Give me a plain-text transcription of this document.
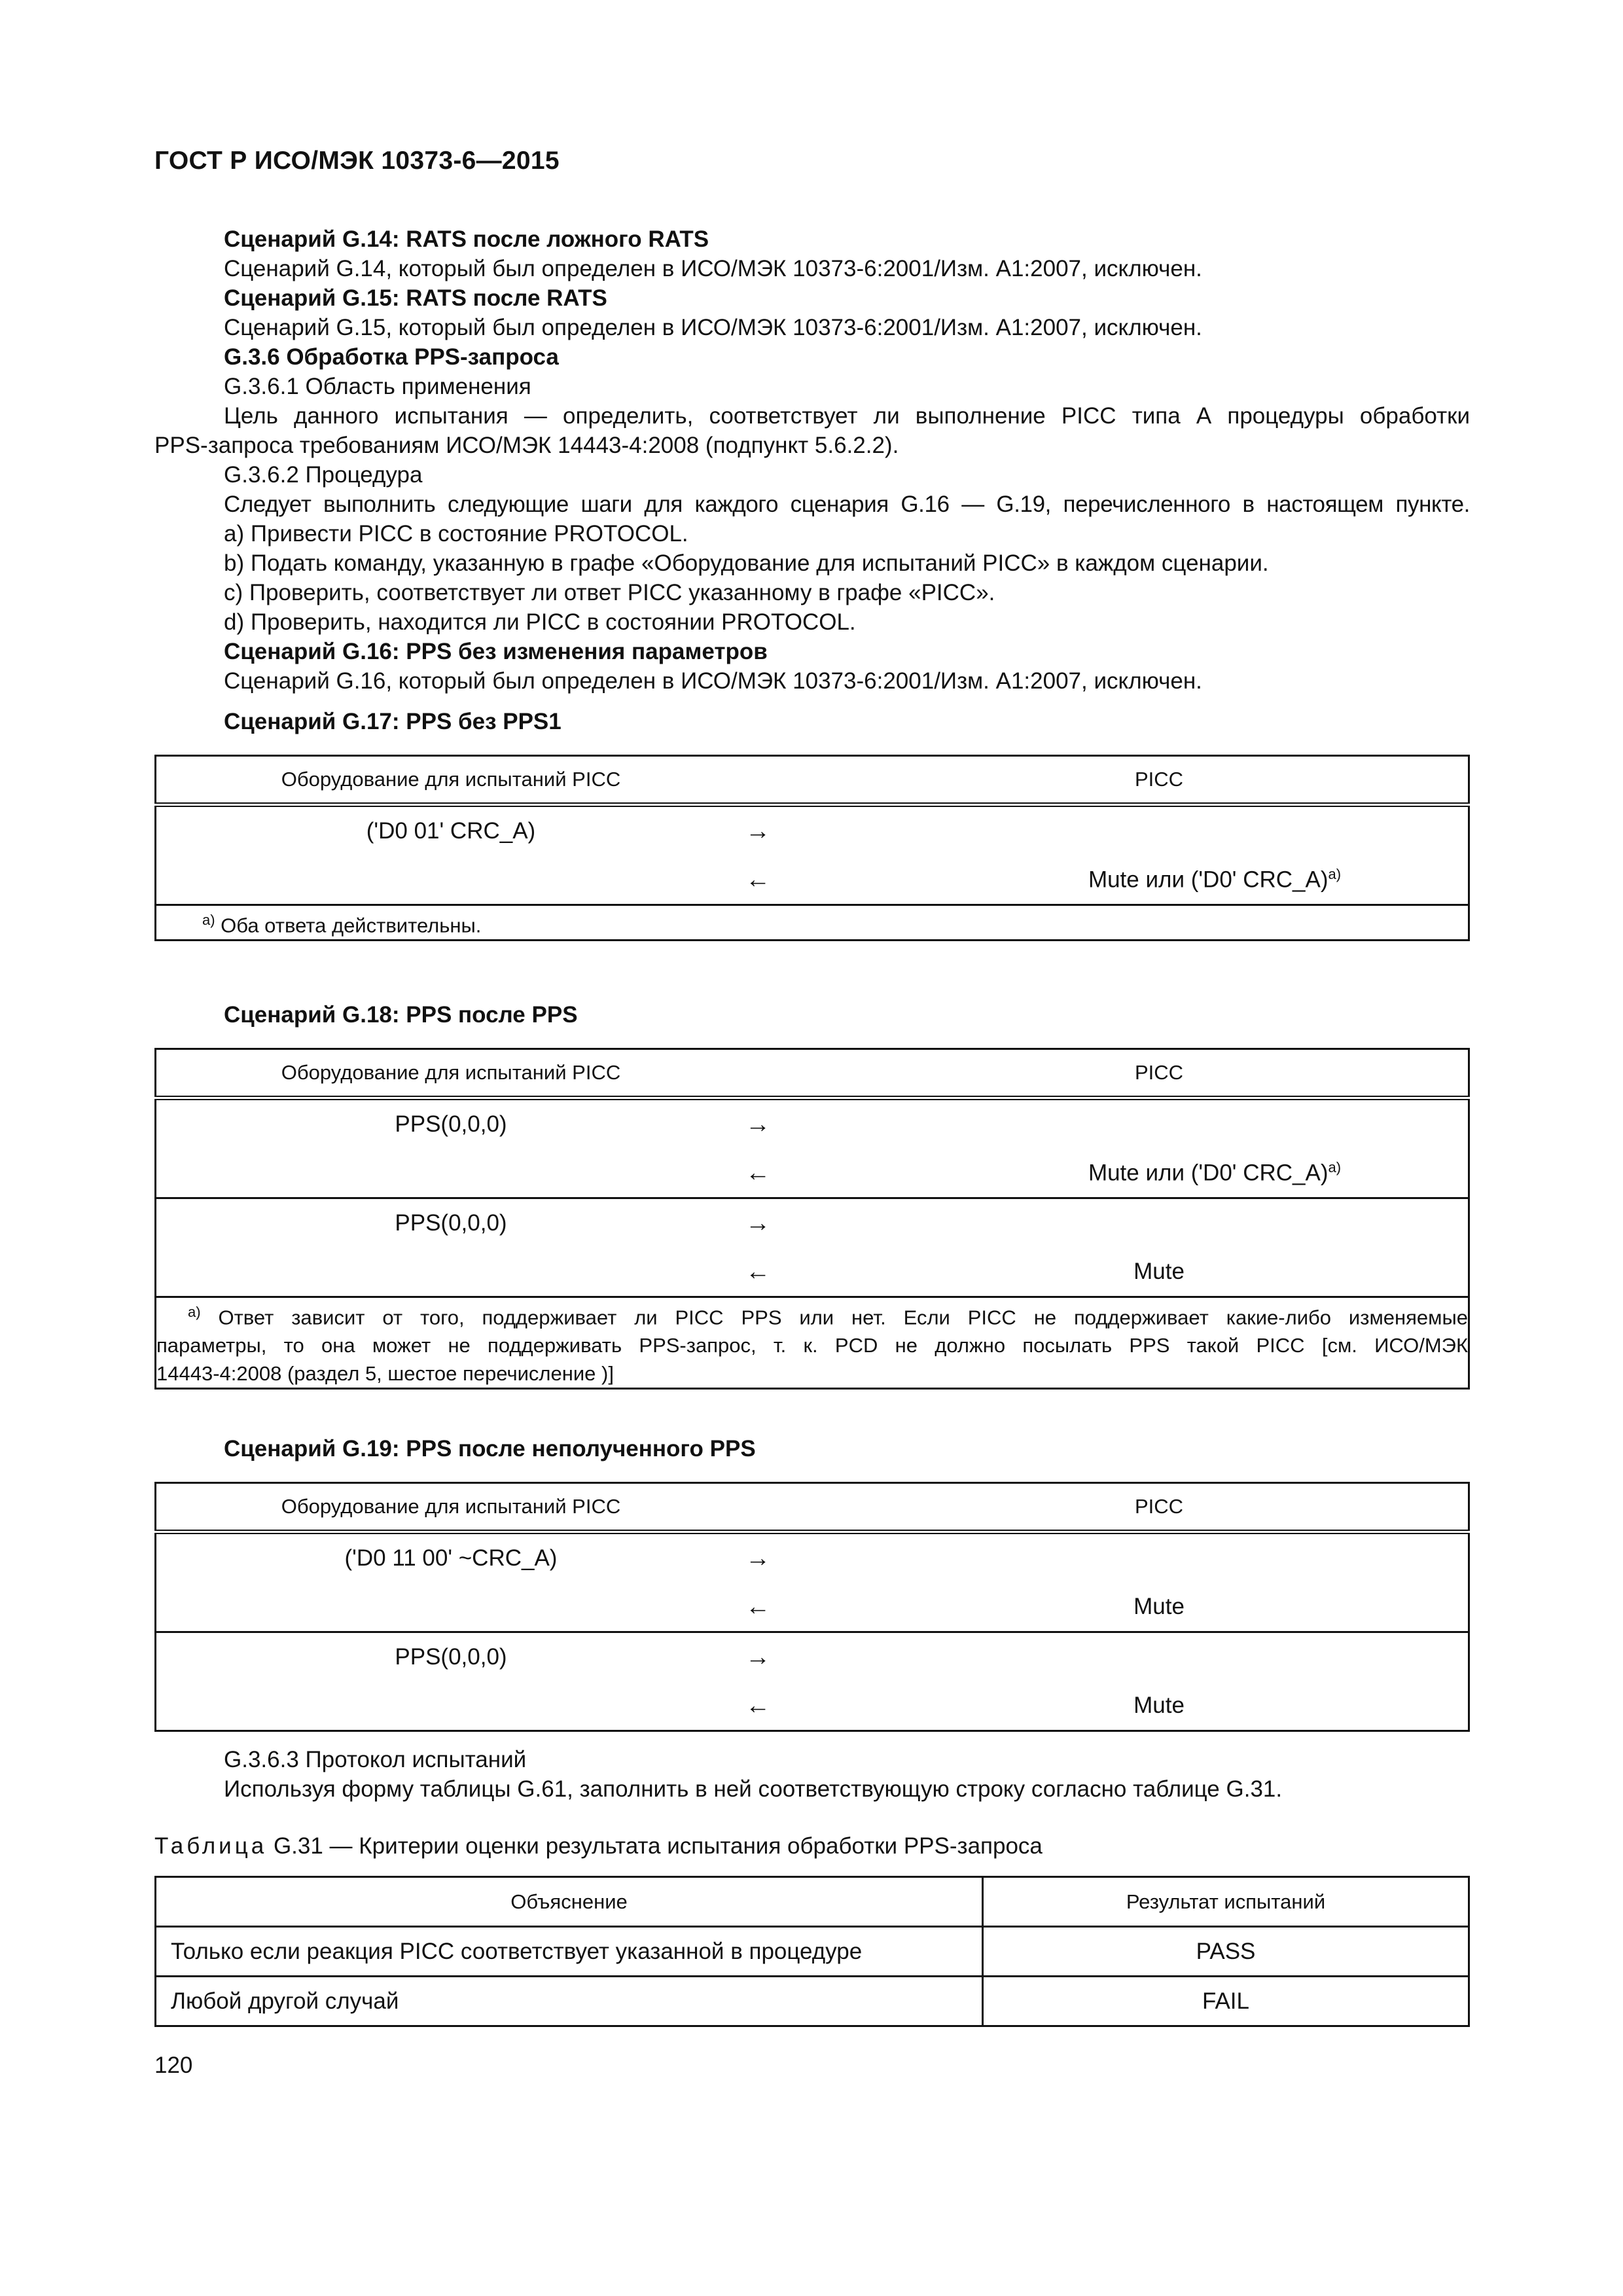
ГОСТ Р ИСО/МЭК 10373-6—2015
Сценарий G.14: RATS после ложного RATS
Сценарий G.14, который был определен в ИСО/МЭК 10373-6:2001/Изм. А1:2007, исключен.
Сценарий G.15: RATS после RATS
Сценарий G.15, который был определен в ИСО/МЭК 10373-6:2001/Изм. А1:2007, исключен.
G.3.6 Обработка PPS-запроса
G.3.6.1 Область применения
Цель данного испытания — определить, соответствует ли выполнение PICC типа А процедуры обработки
PPS-запроса требованиям ИСО/МЭК 14443-4:2008 (подпункт 5.6.2.2).
G.3.6.2 Процедура
Следует выполнить следующие шаги для каждого сценария G.16 — G.19, перечисленного в настоящем пункте.
a) Привести PICC в состояние PROTOCOL.
b) Подать команду, указанную в графе «Оборудование для испытаний PICC» в каждом сценарии.
c) Проверить, соответствует ли ответ PICC указанному в графе «PICC».
d) Проверить, находится ли PICC в состоянии PROTOCOL.
Сценарий G.16: PPS без изменения параметров
Сценарий G.16, который был определен в ИСО/МЭК 10373-6:2001/Изм. А1:2007, исключен.
Сценарий G.17: PPS без PPS1
Оборудование для испытаний PICC		PICC
('D0 01' CRC_A)	→	
	←	Mute или ('D0' CRC_A)$^{a)}$
$^{a)}$ Оба ответа действительны.		
Сценарий G.18: PPS после PPS
Оборудование для испытаний PICC		PICC
PPS(0,0,0)	→	
	←	Mute или ('D0' CRC_A)$^{a)}$
PPS(0,0,0)	→	
	←	Mute

$^{a)}$ Ответ зависит от того, поддерживает ли PICC PPS или нет. Если PICC не поддерживает какие-либо изменяемые
параметры, то она может не поддерживать PPS-запрос, т. к. PCD не должно посылать PPS такой PICC [см. ИСО/МЭК
14443-4:2008 (раздел 5, шестое перечисление )]		
Сценарий G.19: PPS после неполученного PPS
Оборудование для испытаний PICC		PICC
('D0 11 00' ~CRC_A)	→	
	←	Mute
PPS(0,0,0)	→	
	←	Mute
G.3.6.3 Протокол испытаний
Используя форму таблицы G.61, заполнить в ней соответствующую строку согласно таблице G.31.
Таблица G.31 — Критерии оценки результата испытания обработки PPS-запроса
Объяснение	Результат испытаний
Только если реакция PICC соответствует указанной в процедуре	PASS
Любой другой случай	FAIL
120
